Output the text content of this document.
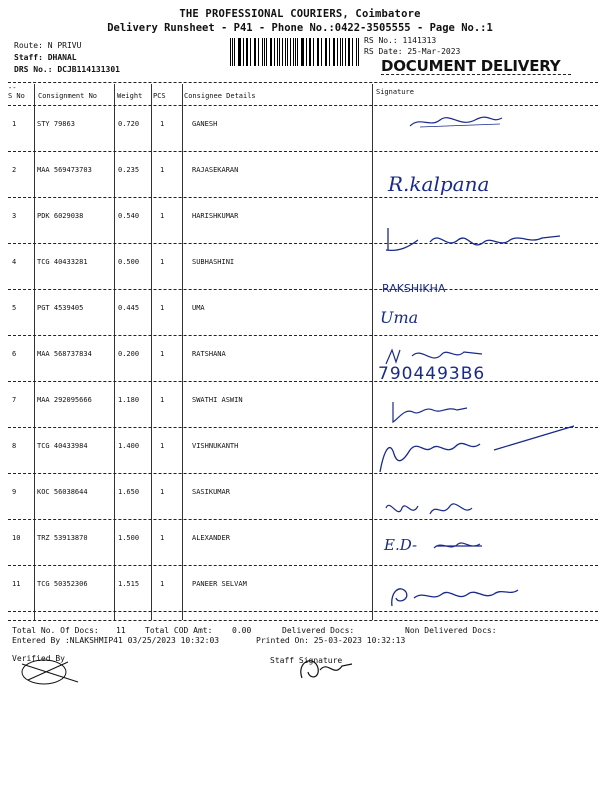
THE PROFESSIONAL COURIERS, Coimbatore
Delivery Runsheet - P41 - Phone No.:0422-3505555 - Page No.:1
Route: N PRIVU
Staff: DHANAL
DRS No.: DCJB114131301
RS No.: 1141313
RS Date: 25-Mar-2023
DOCUMENT DELIVERY
--
S No Consignment No	Weight PCS	Consignee Details	Signature
1	STY 79863	0.720	1	GANESH
2	MAA 569473703	0.235	1	RAJASEKARAN
3	PDK 6029038	0.540	1	HARISHKUMAR
4	TCG 40433281	0.500	1	SUBHASHINI
5	PGT 4539405	0.445	1	UMA
6	MAA 568737834	0.200	1	RATSHANA
7	MAA 292095666	1.180	1	SWATHI ASWIN
8	TCG 40433984	1.400	1	VISHNUKANTH
9	KOC 56038644	1.650	1	SASIKUMAR
10 TRZ 53913870	1.500	1	ALEXANDER
11 TCG 50352306	1.515	1	PANEER SELVAM
R.kalpana
RAKSHIKHA
Uma
7904493B6
E.D-
Total No. Of Docs: 11 Total COD Amt: 0.00	Delivered Docs:	Non Delivered Docs:
Entered By :NLAKSHMIP41 03/25/2023 10:32:03	Printed On: 25-03-2023 10:32:13
Verified By	Staff Signature
